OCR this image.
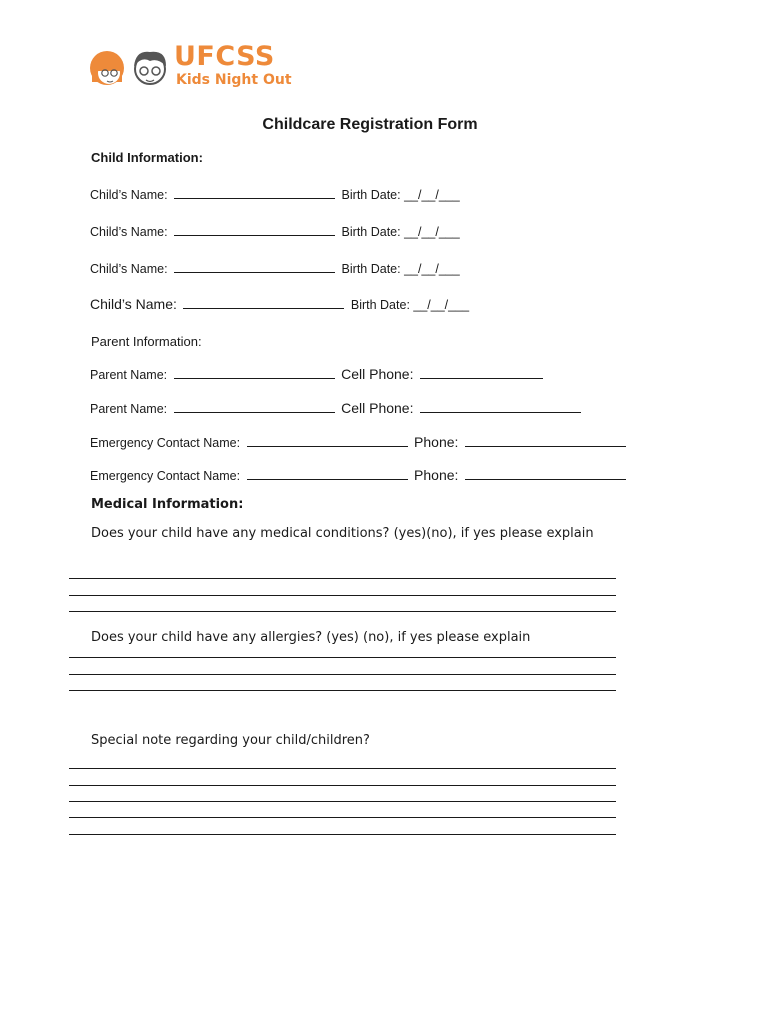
UFCSS
Kids Night Out
Childcare Registration Form
Child Information:
Child’s Name:	Birth Date: __/__/___
Child’s Name:	Birth Date: __/__/___
Child’s Name:	Birth Date: __/__/___
Child’s Name:	Birth Date: __/__/___
Parent Information:
Parent Name:	Cell Phone:
Parent Name:	Cell Phone:
Emergency Contact Name:	Phone:
Emergency Contact Name:	Phone:
Medical Information:
Does your child have any medical conditions? (yes)(no), if yes please explain
Does your child have any allergies? (yes) (no), if yes please explain
Special note regarding your child/children?
